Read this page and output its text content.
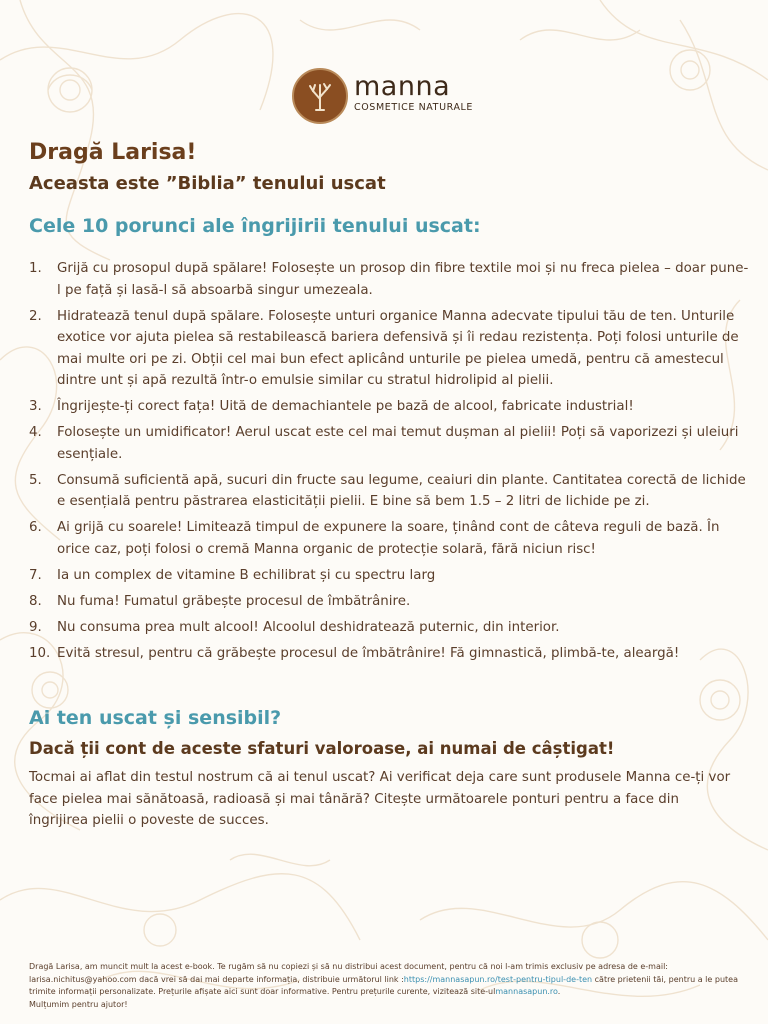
manna
COSMETICE NATURALE
Dragă Larisa!
Aceasta este ”Biblia” tenului uscat
Cele 10 porunci ale îngrijirii tenului uscat:
1.	Grijă cu prosopul după spălare! Folosește un prosop din fibre textile moi și nu freca pielea – doar pune-l pe față și lasă-l să absoarbă singur umezeala.
2.	Hidratează tenul după spălare. Folosește unturi organice Manna adecvate tipului tău de ten. Unturile exotice vor ajuta pielea să restabilească bariera defensivă și îi redau rezistența. Poți folosi unturile de mai multe ori pe zi. Obții cel mai bun efect aplicând unturile pe pielea umedă, pentru că amestecul dintre unt și apă rezultă într-o emulsie similar cu stratul hidrolipid al pielii.
3.	Îngrijește-ți corect fața! Uită de demachiantele pe bază de alcool, fabricate industrial!
4.	Folosește un umidificator! Aerul uscat este cel mai temut dușman al pielii! Poți să vaporizezi și uleiuri esențiale.
5.	Consumă suficientă apă, sucuri din fructe sau legume, ceaiuri din plante. Cantitatea corectă de lichide e esențială pentru păstrarea elasticității pielii. E bine să bem 1.5 – 2 litri de lichide pe zi.
6.	Ai grijă cu soarele! Limitează timpul de expunere la soare, ținând cont de câteva reguli de bază. În orice caz, poți folosi o cremă Manna organic de protecție solară, fără niciun risc!
7.	Ia un complex de vitamine B echilibrat și cu spectru larg
8.	Nu fuma! Fumatul grăbește procesul de îmbătrânire.
9.	Nu consuma prea mult alcool! Alcoolul deshidratează puternic, din interior.
10. Evită stresul, pentru că grăbește procesul de îmbătrânire! Fă gimnastică, plimbă-te, aleargă!
Ai ten uscat și sensibil?
Dacă ții cont de aceste sfaturi valoroase, ai numai de câștigat!

Tocmai ai aflat din testul nostrum că ai tenul uscat? Ai verificat deja care sunt produsele Manna ce-ți vor face pielea mai sănătoasă, radioasă și mai tânără? Citește următoarele ponturi pentru a face din îngrijirea pielii o poveste de succes.

Dragă Larisa, am muncit mult la acest e-book. Te rugăm să nu copiezi și să nu distribui acest document, pentru că noi l-am trimis exclusiv pe adresa de e-mail: larisa.nichitus@yahoo.com dacă vrei să dai mai departe informația, distribuie următorul link :https://mannasapun.ro/test-pentru-tipul-de-ten către prietenii tăi, pentru a le putea trimite informații personalizate. Prețurile afișate aici sunt doar informative. Pentru prețurile curente, vizitează site-ulmannasapun.ro.
Mulțumim pentru ajutor!
